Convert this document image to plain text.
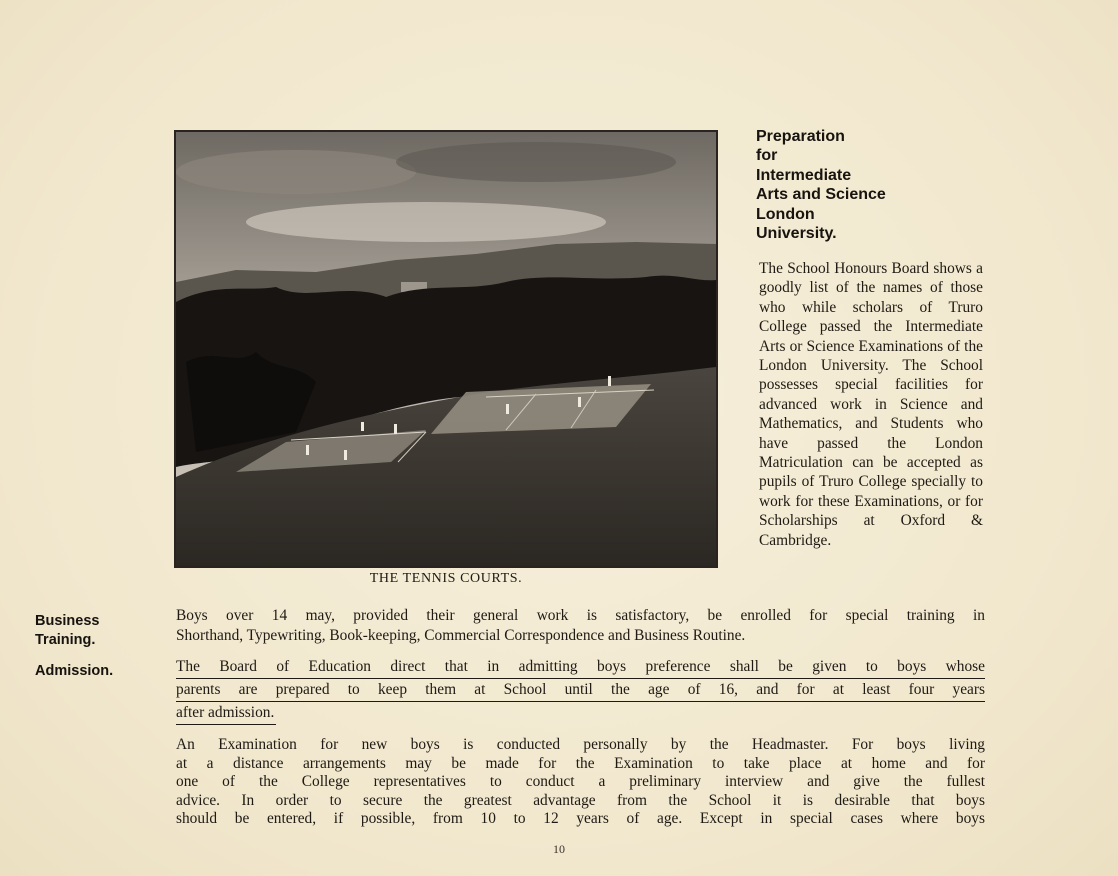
THE TENNIS COURTS.
Preparation
for
Intermediate
Arts and Science
London
University.
The School Honours Board shows a goodly list of the names of those who while scholars of Truro College passed the Intermediate Arts or Science Examinations of the London University. The School possesses special facilities for advanced work in Science and Mathematics, and Students who have passed the London Matriculation can be accepted as pupils of Truro College specially to work for these Examinations, or for Scholarships at Oxford & Cambridge.
Business
Training.
Boys over 14 may, provided their general work is satisfactory, be enrolled for special training in
Shorthand, Typewriting, Book-keeping, Commercial Correspondence and Business Routine.
Admission.	The Board of Education direct that in admitting boys preference shall be given to boys whose
parents are prepared to keep them at School until the age of 16, and for at least four years
after admission.
An Examination for new boys is conducted personally by the Headmaster. For boys living
at a distance arrangements may be made for the Examination to take place at home and for
one of the College representatives to conduct a preliminary interview and give the fullest
advice. In order to secure the greatest advantage from the School it is desirable that boys
should be entered, if possible, from 10 to 12 years of age. Except in special cases where boys
10
